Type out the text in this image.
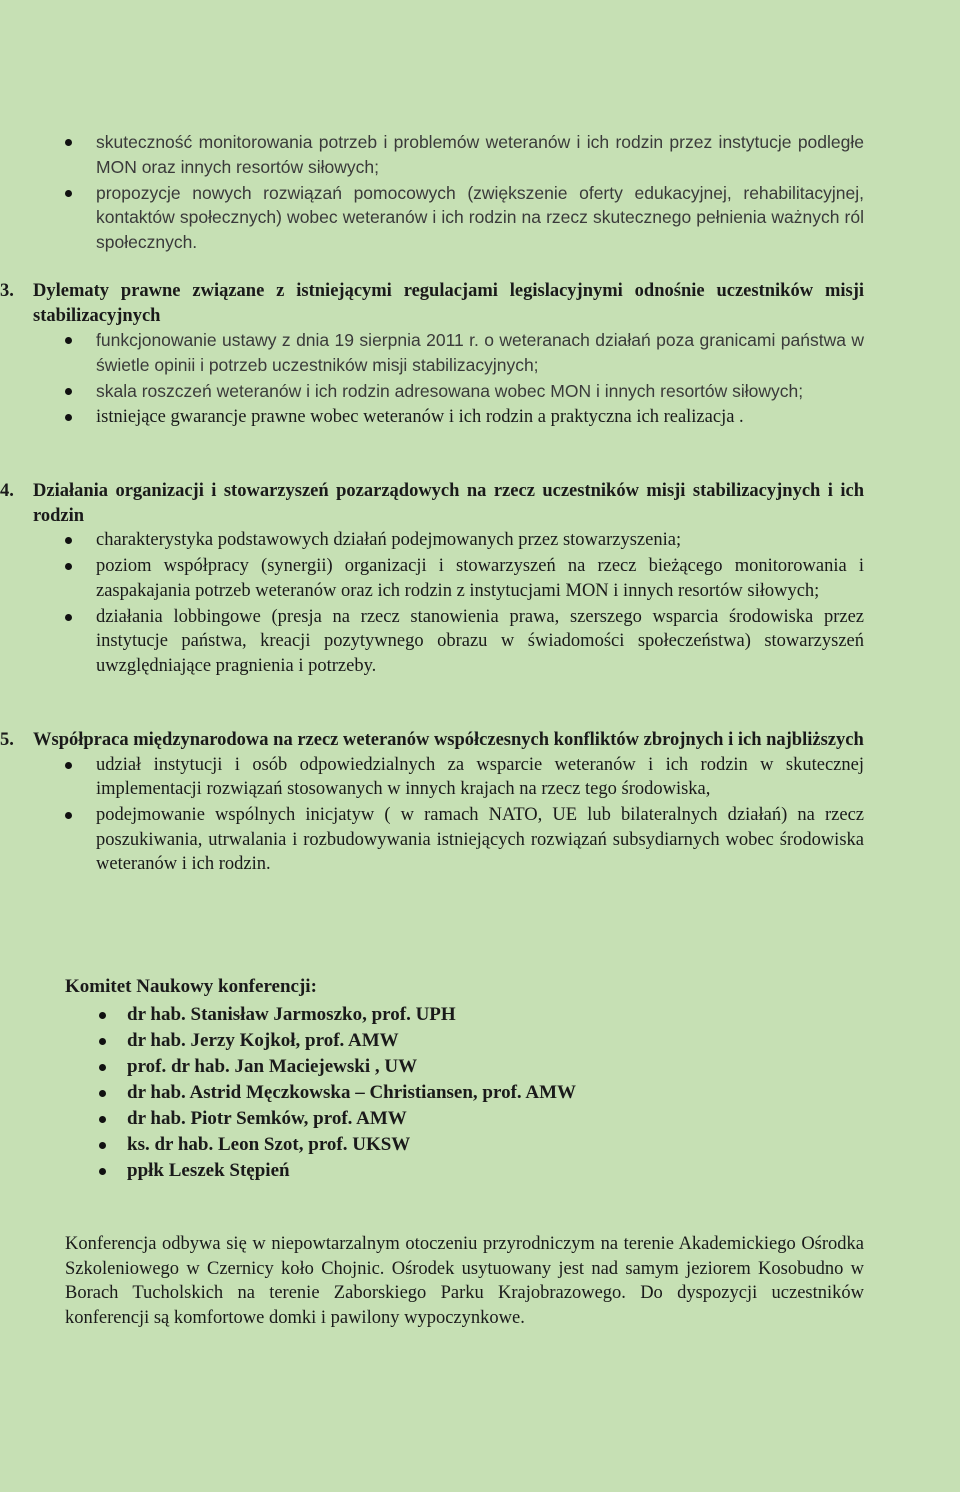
skuteczność monitorowania potrzeb i problemów weteranów i ich rodzin przez instytucje podległe MON oraz innych resortów siłowych;
propozycje nowych rozwiązań pomocowych (zwiększenie oferty edukacyjnej, rehabilitacyjnej, kontaktów społecznych) wobec weteranów i ich rodzin na rzecz skutecznego pełnienia ważnych ról społecznych.
3. Dylematy prawne związane z istniejącymi regulacjami legislacyjnymi odnośnie uczestników misji stabilizacyjnych
funkcjonowanie ustawy z dnia 19 sierpnia 2011 r. o weteranach działań poza granicami państwa w świetle opinii i potrzeb uczestników misji stabilizacyjnych;
skala roszczeń weteranów i ich rodzin adresowana wobec MON i innych resortów siłowych;
istniejące gwarancje prawne wobec weteranów i ich rodzin a praktyczna ich realizacja .
4. Działania organizacji i stowarzyszeń pozarządowych na rzecz uczestników misji stabilizacyjnych i ich rodzin
charakterystyka podstawowych działań podejmowanych przez stowarzyszenia;
poziom współpracy (synergii) organizacji i stowarzyszeń na rzecz bieżącego monitorowania i zaspakajania potrzeb weteranów oraz ich rodzin z instytucjami MON i innych resortów siłowych;
działania lobbingowe (presja na rzecz stanowienia prawa, szerszego wsparcia środowiska przez instytucje państwa, kreacji pozytywnego obrazu w świadomości społeczeństwa) stowarzyszeń uwzględniające pragnienia i potrzeby.
5. Współpraca międzynarodowa na rzecz weteranów współczesnych konfliktów zbrojnych i ich najbliższych
udział instytucji i osób odpowiedzialnych za wsparcie weteranów i ich rodzin w skutecznej implementacji rozwiązań stosowanych w innych krajach na rzecz tego środowiska,
podejmowanie wspólnych inicjatyw ( w ramach NATO, UE lub bilateralnych działań) na rzecz poszukiwania, utrwalania i rozbudowywania istniejących rozwiązań subsydiarnych wobec środowiska weteranów i ich rodzin.
Komitet Naukowy konferencji:
dr hab. Stanisław Jarmoszko, prof. UPH
dr hab. Jerzy Kojkoł, prof. AMW
prof. dr hab. Jan Maciejewski , UW
dr hab. Astrid Męczkowska – Christiansen, prof. AMW
dr hab. Piotr Semków, prof. AMW
ks. dr hab. Leon Szot, prof. UKSW
ppłk Leszek Stępień
Konferencja odbywa się w niepowtarzalnym otoczeniu przyrodniczym na terenie Akademickiego Ośrodka Szkoleniowego w Czernicy koło Chojnic. Ośrodek usytuowany jest nad samym jeziorem Kosobudno w Borach Tucholskich na terenie Zaborskiego Parku Krajobrazowego. Do dyspozycji uczestników konferencji są komfortowe domki i pawilony wypoczynkowe.
